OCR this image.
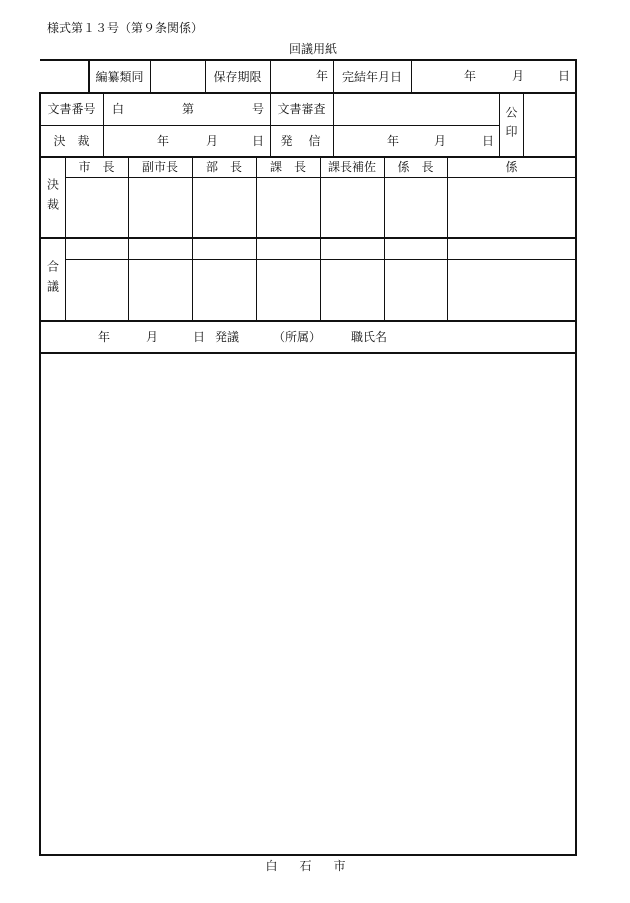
様式第１３号（第９条関係）
回議用紙
編纂類同	保存期限	年	完結年月日	年	月	日
文書番号	白	第	号	文書審査	公印
決　裁	年	月	日	発　信	年	月	日
決裁
市　長	副市長	部　長	課　長	課長補佐	係　長	係
合議
年	月	日 発議	（所属）	職氏名
白　石　市
